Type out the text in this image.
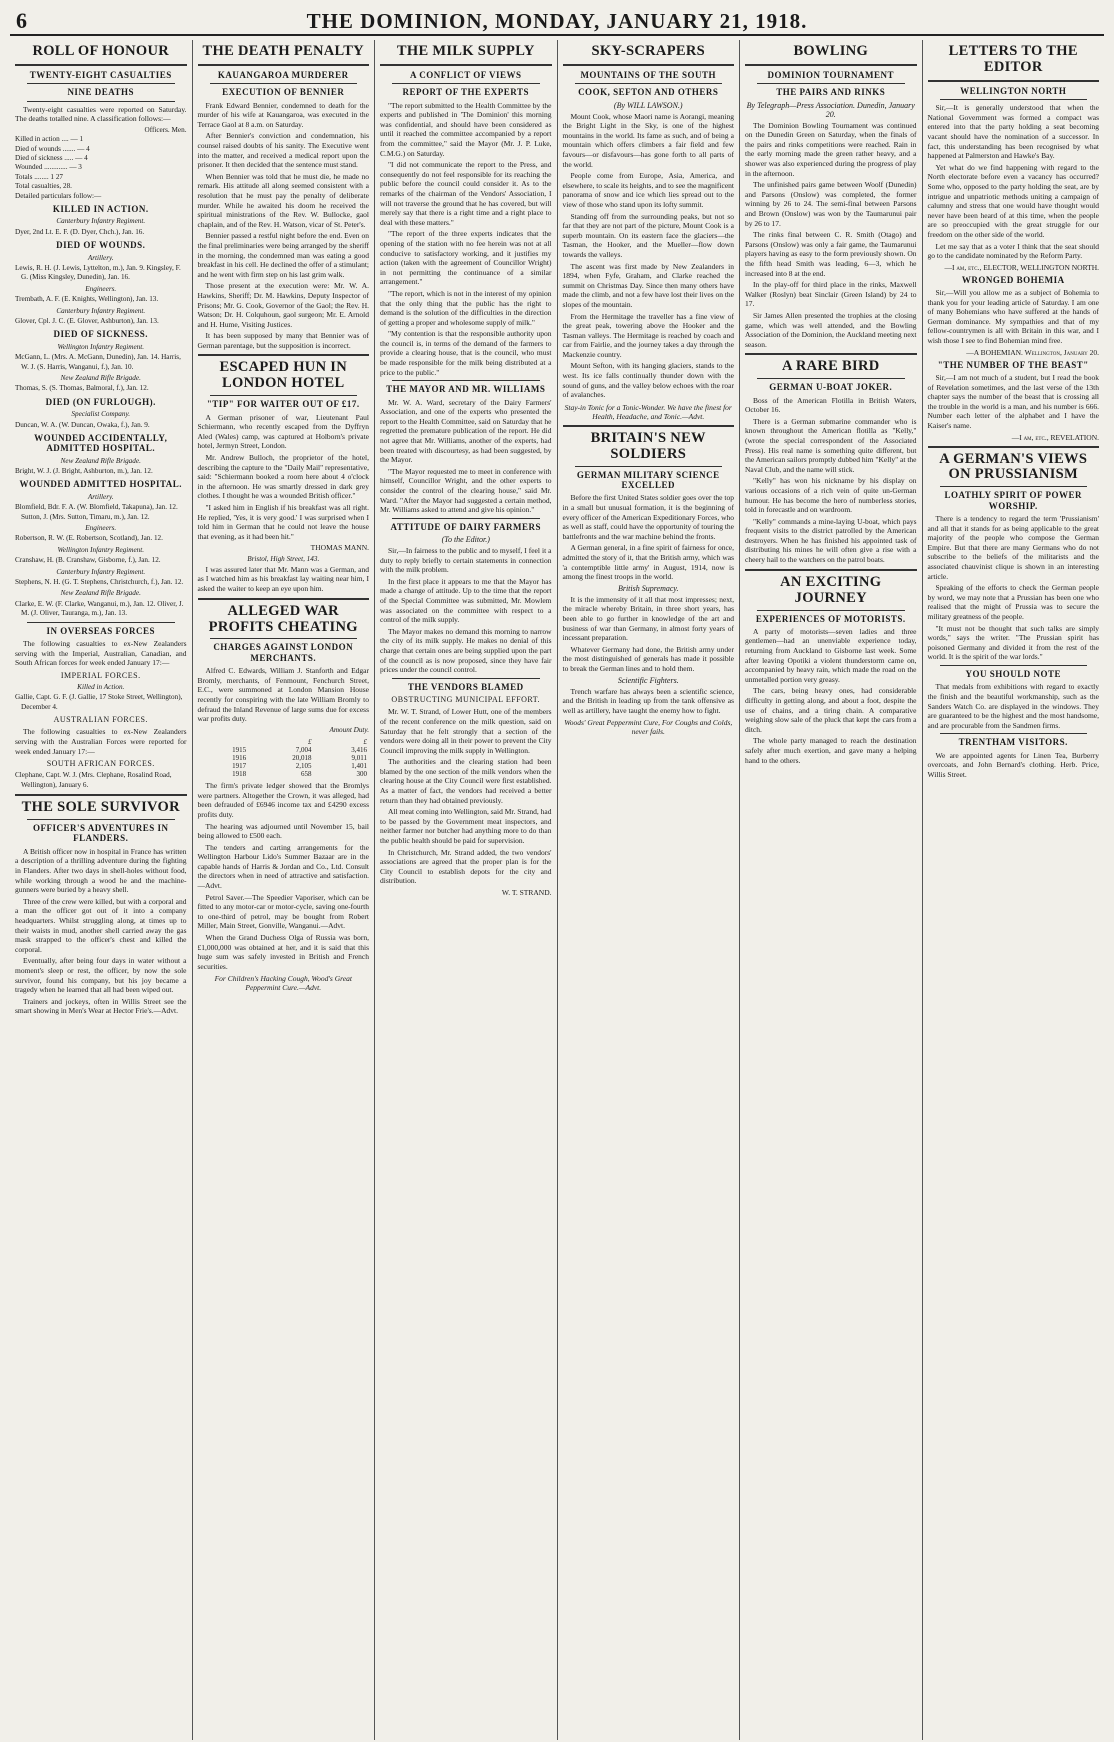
6	THE DOMINION, MONDAY, JANUARY 21, 1918.
ROLL OF HONOUR
TWENTY-EIGHT CASUALTIES
NINE DEATHS

Twenty-eight casualties were reported on Saturday. The deaths totalled nine. A classification follows:—

Officers. Men.

Killed in action .... — 1

Died of wounds ....... — 4

Died of sickness ..... — 4

Wounded ............. — 3

Totals ........ 1 27

Total casualties, 28.

Detailed particulars follow:—

KILLED IN ACTION.

Canterbury Infantry Regiment.

Dyer, 2nd Lt. E. F. (D. Dyer, Chch.), Jan. 16.

DIED OF WOUNDS.

Artillery.

Lewis, R. H. (J. Lewis, Lyttelton, m.), Jan. 9. Kingsley, F. G. (Miss Kingsley, Dunedin), Jan. 16.

Engineers.

Trembath, A. F. (E. Knights, Wellington), Jan. 13.

Canterbury Infantry Regiment.

Glover, Cpl. J. C. (E. Glover, Ashburton), Jan. 13.

DIED OF SICKNESS.

Wellington Infantry Regiment.

McGann, L. (Mrs. A. McGann, Dunedin), Jan. 14. Harris, W. J. (S. Harris, Wanganui, f.), Jan. 10.

New Zealand Rifle Brigade.

Thomas, S. (S. Thomas, Balmoral, f.), Jan. 12.

DIED (ON FURLOUGH).

Specialist Company.

Duncan, W. A. (W. Duncan, Owaka, f.), Jan. 9.

WOUNDED ACCIDENTALLY, ADMITTED HOSPITAL.

New Zealand Rifle Brigade.

Bright, W. J. (J. Bright, Ashburton, m.), Jan. 12.

WOUNDED ADMITTED HOSPITAL.

Artillery.

Blomfield, Bdr. F. A. (W. Blomfield, Takapuna), Jan. 12. Sutton, J. (Mrs. Sutton, Timaru, m.), Jan. 12.

Engineers.

Robertson, R. W. (E. Robertson, Scotland), Jan. 12.

Wellington Infantry Regiment.

Cranshaw, H. (B. Cranshaw, Gisborne, f.), Jan. 12.

Canterbury Infantry Regiment.

Stephens, N. H. (G. T. Stephens, Christchurch, f.), Jan. 12.

New Zealand Rifle Brigade.

Clarke, E. W. (F. Clarke, Wanganui, m.), Jan. 12. Oliver, J. M. (J. Oliver, Tauranga, m.), Jan. 13.

IN OVERSEAS FORCES

The following casualties to ex-New Zealanders serving with the Imperial, Australian, Canadian, and South African forces for week ended January 17:—

IMPERIAL FORCES.

Killed in Action.

Gallie, Capt. G. F. (J. Gallie, 17 Stoke Street, Wellington), December 4.

AUSTRALIAN FORCES.

The following casualties to ex-New Zealanders serving with the Australian Forces were reported for week ended January 17:—

SOUTH AFRICAN FORCES.

Clephane, Capt. W. J. (Mrs. Clephane, Rosalind Road, Wellington), January 6.

THE SOLE SURVIVOR
OFFICER'S ADVENTURES IN FLANDERS.

A British officer now in hospital in France has written a description of a thrilling adventure during the fighting in Flanders. After two days in shell-holes without food, while working through a wood he and the machine-gunners were buried by a heavy shell.

Three of the crew were killed, but with a corporal and a man the officer got out of it into a company headquarters. Whilst struggling along, at times up to their waists in mud, another shell carried away the gas mask strapped to the officer's chest and killed the corporal.

Eventually, after being four days in water without a moment's sleep or rest, the officer, by now the sole survivor, found his company, but his joy became a tragedy when he learned that all had been wiped out.

Trainers and jockeys, often in Willis Street see the smart showing in Men's Wear at Hector Frie's.—Advt.

THE DEATH PENALTY
KAUANGAROA MURDERER
EXECUTION OF BENNIER

Frank Edward Bennier, condemned to death for the murder of his wife at Kauangaroa, was executed in the Terrace Gaol at 8 a.m. on Saturday.

After Bennier's conviction and condemnation, his counsel raised doubts of his sanity. The Executive went into the matter, and received a medical report upon the prisoner. It then decided that the sentence must stand.

When Bennier was told that he must die, he made no remark. His attitude all along seemed consistent with a resolution that he must pay the penalty of deliberate murder. While he awaited his doom he received the spiritual ministrations of the Rev. W. Bullocke, gaol chaplain, and of the Rev. H. Watson, vicar of St. Peter's.

Bennier passed a restful night before the end. Even on the final preliminaries were being arranged by the sheriff in the morning, the condemned man was eating a good breakfast in his cell. He declined the offer of a stimulant; and he went with firm step on his last grim walk.

Those present at the execution were: Mr. W. A. Hawkins, Sheriff; Dr. M. Hawkins, Deputy Inspector of Prisons; Mr. G. Cook, Governor of the Gaol; the Rev. H. Watson; Dr. H. Colquhoun, gaol surgeon; Mr. E. Arnold and H. Hume, Visiting Justices.

It has been supposed by many that Bennier was of German parentage, but the supposition is incorrect.

ESCAPED HUN IN LONDON HOTEL
"TIP" FOR WAITER OUT OF £17.

A German prisoner of war, Lieutenant Paul Schiermann, who recently escaped from the Dyffryn Aled (Wales) camp, was captured at Holborn's private hotel, Jermyn Street, London.

Mr. Andrew Bulloch, the proprietor of the hotel, describing the capture to the "Daily Mail" representative, said: "Schiermann booked a room here about 4 o'clock in the afternoon. He was smartly dressed in dark grey clothes. I thought he was a wounded British officer."

"I asked him in English if his breakfast was all right. He replied, 'Yes, it is very good.' I was surprised when I told him in German that he could not leave the house that evening, as it had been hit."

THOMAS MANN.

Bristol, High Street, 143.

I was assured later that Mr. Mann was a German, and as I watched him as his breakfast lay waiting near him, I asked the waiter to keep an eye upon him.

ALLEGED WAR PROFITS CHEATING
CHARGES AGAINST LONDON MERCHANTS.

Alfred C. Edwards, William J. Stanforth and Edgar Bromly, merchants, of Fenmount, Fenchurch Street, E.C., were summoned at London Mansion House recently for conspiring with the late William Bromly to defraud the Inland Revenue of large sums due for excess war profits duty.

Amount Duty.

	£	£
1915	7,004	3,416
1916	20,018	9,011
1917	2,105	1,401
1918	658	300

The firm's private ledger showed that the Bromlys were partners. Altogether the Crown, it was alleged, had been defrauded of £6946 income tax and £4290 excess profits duty.

The hearing was adjourned until November 15, bail being allowed to £500 each.

The tenders and carting arrangements for the Wellington Harbour Lido's Summer Bazaar are in the capable hands of Harris & Jordan and Co., Ltd. Consult the directors when in need of attractive and satisfaction.—Advt.

Petrol Saver.—The Speedier Vaporiser, which can be fitted to any motor-car or motor-cycle, saving one-fourth to one-third of petrol, may be bought from Robert Miller, Main Street, Gonville, Wanganui.—Advt.

When the Grand Duchess Olga of Russia was born, £1,000,000 was obtained at her, and it is said that this huge sum was safely invested in British and French securities.

For Children's Hacking Cough, Wood's Great Peppermint Cure.—Advt.

THE MILK SUPPLY
A CONFLICT OF VIEWS
REPORT OF THE EXPERTS

"The report submitted to the Health Committee by the experts and published in 'The Dominion' this morning was confidential, and should have been considered as until it reached the committee accompanied by a report from the committee," said the Mayor (Mr. J. P. Luke, C.M.G.) on Saturday.

"I did not communicate the report to the Press, and consequently do not feel responsible for its reaching the public before the council could consider it. As to the remarks of the chairman of the Vendors' Association, I will not traverse the ground that he has covered, but will merely say that there is a right time and a right place to deal with these matters."

"The report of the three experts indicates that the opening of the station with no fee herein was not at all conducive to satisfactory working, and it justifies my action (taken with the agreement of Councillor Wright) in not permitting the continuance of a similar arrangement."

"The report, which is not in the interest of my opinion that the only thing that the public has the right to demand is the solution of the difficulties in the direction of getting a proper and wholesome supply of milk."

"My contention is that the responsible authority upon the council is, in terms of the demand of the farmers to provide a clearing house, that is the council, who must be made responsible for the milk being distributed at a price to the public."

THE MAYOR AND MR. WILLIAMS

Mr. W. A. Ward, secretary of the Dairy Farmers' Association, and one of the experts who presented the report to the Health Committee, said on Saturday that he regretted the premature publication of the report. He did not agree that Mr. Williams, another of the experts, had been treated with discourtesy, as had been suggested, by the Mayor.

"The Mayor requested me to meet in conference with himself, Councillor Wright, and the other experts to consider the control of the clearing house," said Mr. Ward. "After the Mayor had suggested a certain method, Mr. Williams asked to attend and give his opinion."

ATTITUDE OF DAIRY FARMERS
(To the Editor.)

Sir,—In fairness to the public and to myself, I feel it a duty to reply briefly to certain statements in connection with the milk problem.

In the first place it appears to me that the Mayor has made a change of attitude. Up to the time that the report of the Special Committee was submitted, Mr. Mowlem was associated on the committee with respect to a control of the milk supply.

The Mayor makes no demand this morning to narrow the city of its milk supply. He makes no denial of this charge that certain ones are being supplied upon the part of the council as is now proposed, since they have fair prices under the council control.

THE VENDORS BLAMED
OBSTRUCTING MUNICIPAL EFFORT.

Mr. W. T. Strand, of Lower Hutt, one of the members of the recent conference on the milk question, said on Saturday that he felt strongly that a section of the vendors were doing all in their power to prevent the City Council improving the milk supply in Wellington.

The authorities and the clearing station had been blamed by the one section of the milk vendors when the clearing house at the City Council were first established. As a matter of fact, the vendors had received a better return than they had obtained previously.

All meat coming into Wellington, said Mr. Strand, had to be passed by the Government meat inspectors, and neither farmer nor butcher had anything more to do than the public health should be paid for supervision.

In Christchurch, Mr. Strand added, the two vendors' associations are agreed that the proper plan is for the City Council to establish depots for the city and distribution.

W. T. STRAND.

SKY-SCRAPERS
MOUNTAINS OF THE SOUTH
COOK, SEFTON AND OTHERS
(By WILL LAWSON.)

Mount Cook, whose Maori name is Aorangi, meaning the Bright Light in the Sky, is one of the highest mountains in the world. Its fame as such, and of being a mountain which offers climbers a fair field and few favours—or disfavours—has gone forth to all parts of the world.

People come from Europe, Asia, America, and elsewhere, to scale its heights, and to see the magnificent panorama of snow and ice which lies spread out to the view of those who stand upon its lofty summit.

Standing off from the surrounding peaks, but not so far that they are not part of the picture, Mount Cook is a superb mountain. On its eastern face the glaciers—the Tasman, the Hooker, and the Mueller—flow down towards the valleys.

The ascent was first made by New Zealanders in 1894, when Fyfe, Graham, and Clarke reached the summit on Christmas Day. Since then many others have made the climb, and not a few have lost their lives on the slopes of the mountain.

From the Hermitage the traveller has a fine view of the great peak, towering above the Hooker and the Tasman valleys. The Hermitage is reached by coach and car from Fairlie, and the journey takes a day through the Mackenzie country.

Mount Sefton, with its hanging glaciers, stands to the west. Its ice falls continually thunder down with the sound of guns, and the valley below echoes with the roar of avalanches.

Stay-in Tonic for a Tonic-Wonder. We have the finest for Health, Headache, and Tonic.—Advt.

BRITAIN'S NEW SOLDIERS
GERMAN MILITARY SCIENCE EXCELLED

Before the first United States soldier goes over the top in a small but unusual formation, it is the beginning of every officer of the American Expeditionary Forces, who as well as staff, could have the opportunity of touring the battlefronts and the war machine behind the fronts.

A German general, in a fine spirit of fairness for once, admitted the story of it, that the British army, which was 'a contemptible little army' in August, 1914, now is among the finest troops in the world.

British Supremacy.

It is the immensity of it all that most impresses; next, the miracle whereby Britain, in three short years, has been able to go further in knowledge of the art and business of war than Germany, in almost forty years of incessant preparation.

Whatever Germany had done, the British army under the most distinguished of generals has made it possible to break the German lines and to hold them.

Scientific Fighters.

Trench warfare has always been a scientific science, and the British in leading up from the tank offensive as well as artillery, have taught the enemy how to fight.

Woods' Great Peppermint Cure, For Coughs and Colds, never fails.

BOWLING
DOMINION TOURNAMENT
THE PAIRS AND RINKS
By Telegraph—Press Association. Dunedin, January 20.

The Dominion Bowling Tournament was continued on the Dunedin Green on Saturday, when the finals of the pairs and rinks competitions were reached. Rain in the early morning made the green rather heavy, and a shower was also experienced during the progress of play in the afternoon.

The unfinished pairs game between Woolf (Dunedin) and Parsons (Onslow) was completed, the former winning by 26 to 24. The semi-final between Parsons and Brown (Onslow) was won by the Taumarunui pair by 26 to 17.

The rinks final between C. R. Smith (Otago) and Parsons (Onslow) was only a fair game, the Taumarunui players having as easy to the form previously shown. On the fifth head Smith was leading, 6—3, which he increased into 8 at the end.

In the play-off for third place in the rinks, Maxwell Walker (Roslyn) beat Sinclair (Green Island) by 24 to 17.

Sir James Allen presented the trophies at the closing game, which was well attended, and the Bowling Association of the Dominion, the Auckland meeting next season.

A RARE BIRD
GERMAN U-BOAT JOKER.

Boss of the American Flotilla in British Waters, October 16.

There is a German submarine commander who is known throughout the American flotilla as "Kelly," (wrote the special correspondent of the Associated Press). His real name is something quite different, but the American sailors promptly dubbed him "Kelly" at the Naval Club, and the name will stick.

"Kelly" has won his nickname by his display on various occasions of a rich vein of quite un-German humour. He has become the hero of numberless stories, told in forecastle and on wardroom.

"Kelly" commands a mine-laying U-boat, which pays frequent visits to the district patrolled by the American destroyers. When he has finished his appointed task of distributing his mines he will often give a rise with a cheery hail to the watchers on the patrol boats.

AN EXCITING JOURNEY
EXPERIENCES OF MOTORISTS.

A party of motorists—seven ladies and three gentlemen—had an unenviable experience today, returning from Auckland to Gisborne last week. Some after leaving Opotiki a violent thunderstorm came on, accompanied by heavy rain, which made the road on the unmetalled portion very greasy.

The cars, being heavy ones, had considerable difficulty in getting along, and about a foot, despite the use of chains, and a tiring chain. A comparative weighing slow sale of the pluck that kept the cars from a ditch.

The whole party managed to reach the destination safely after much exertion, and gave many a helping hand to the others.

LETTERS TO THE EDITOR
WELLINGTON NORTH

Sir,—It is generally understood that when the National Government was formed a compact was entered into that the party holding a seat becoming vacant should have the nomination of a successor. In fact, this understanding has been recognised by what happened at Palmerston and Hawke's Bay.

Yet what do we find happening with regard to the North electorate before even a vacancy has occurred? Some who, opposed to the party holding the seat, are by intrigue and unpatriotic methods uniting a campaign of calumny and stress that one would have thought would never have been heard of at this time, when the people are so preoccupied with the great struggle for our freedom on the other side of the world.

Let me say that as a voter I think that the seat should go to the candidate nominated by the Reform Party.

—I am, etc., ELECTOR, WELLINGTON NORTH.

WRONGED BOHEMIA

Sir,—Will you allow me as a subject of Bohemia to thank you for your leading article of Saturday. I am one of many Bohemians who have suffered at the hands of German dominance. My sympathies and that of my fellow-countrymen is all with Britain in this war, and I wish those I see to find Bohemian mind free.

—A BOHEMIAN. Wellington, January 20.

"THE NUMBER OF THE BEAST"

Sir,—I am not much of a student, but I read the book of Revelation sometimes, and the last verse of the 13th chapter says the number of the beast that is crossing all the trouble in the world is a man, and his number is 666. Number each letter of the alphabet and I have the Kaiser's name.

—I am, etc., REVELATION.

A GERMAN'S VIEWS ON PRUSSIANISM
LOATHLY SPIRIT OF POWER WORSHIP.

There is a tendency to regard the term 'Prussianism' and all that it stands for as being applicable to the great majority of the people who compose the German Empire. But that there are many Germans who do not subscribe to the beliefs of the militarists and the associated chauvinist clique is shown in an interesting article.

Speaking of the efforts to check the German people by word, we may note that a Prussian has been one who realised that the might of Prussia was to secure the military greatness of the people.

"It must not be thought that such talks are simply words," says the writer. "The Prussian spirit has poisoned Germany and divided it from the rest of the world. It is the spirit of the war lords."

YOU SHOULD NOTE

That medals from exhibitions with regard to exactly the finish and the beautiful workmanship, such as the Sanders Watch Co. are displayed in the windows. They are guaranteed to be the highest and the most handsome, and are procurable from the Sandmen firms.

TRENTHAM VISITORS.

We are appointed agents for Linen Tea, Burberry overcoats, and John Bernard's clothing. Herb. Price, Willis Street.
